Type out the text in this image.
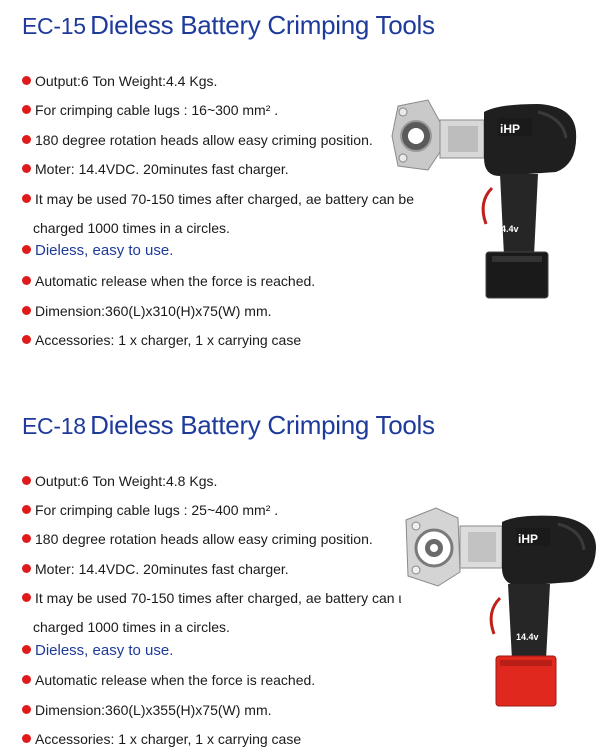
EC-15 Dieless Battery Crimping Tools
Output:6 Ton Weight:4.4 Kgs.
For crimping cable lugs : 16~300 mm² .
180 degree rotation heads allow easy criming position.
Moter: 14.4VDC. 20minutes fast charger.
It may be used 70-150 times after charged, ae battery can be
charged 1000 times in a circles.
Dieless, easy to use.
Automatic release when the force is reached.
Dimension:360(L)x310(H)x75(W) mm.
Accessories: 1 x charger, 1 x carrying case
iHP
14.4v
EC-18 Dieless Battery Crimping Tools
Output:6 Ton Weight:4.8 Kgs.
For crimping cable lugs : 25~400 mm² .
180 degree rotation heads allow easy criming position.
Moter: 14.4VDC. 20minutes fast charger.
It may be used 70-150 times after charged, ae battery can ι
charged 1000 times in a circles.
Dieless, easy to use.
Automatic release when the force is reached.
Dimension:360(L)x355(H)x75(W) mm.
Accessories: 1 x charger, 1 x carrying case
iHP
14.4v
